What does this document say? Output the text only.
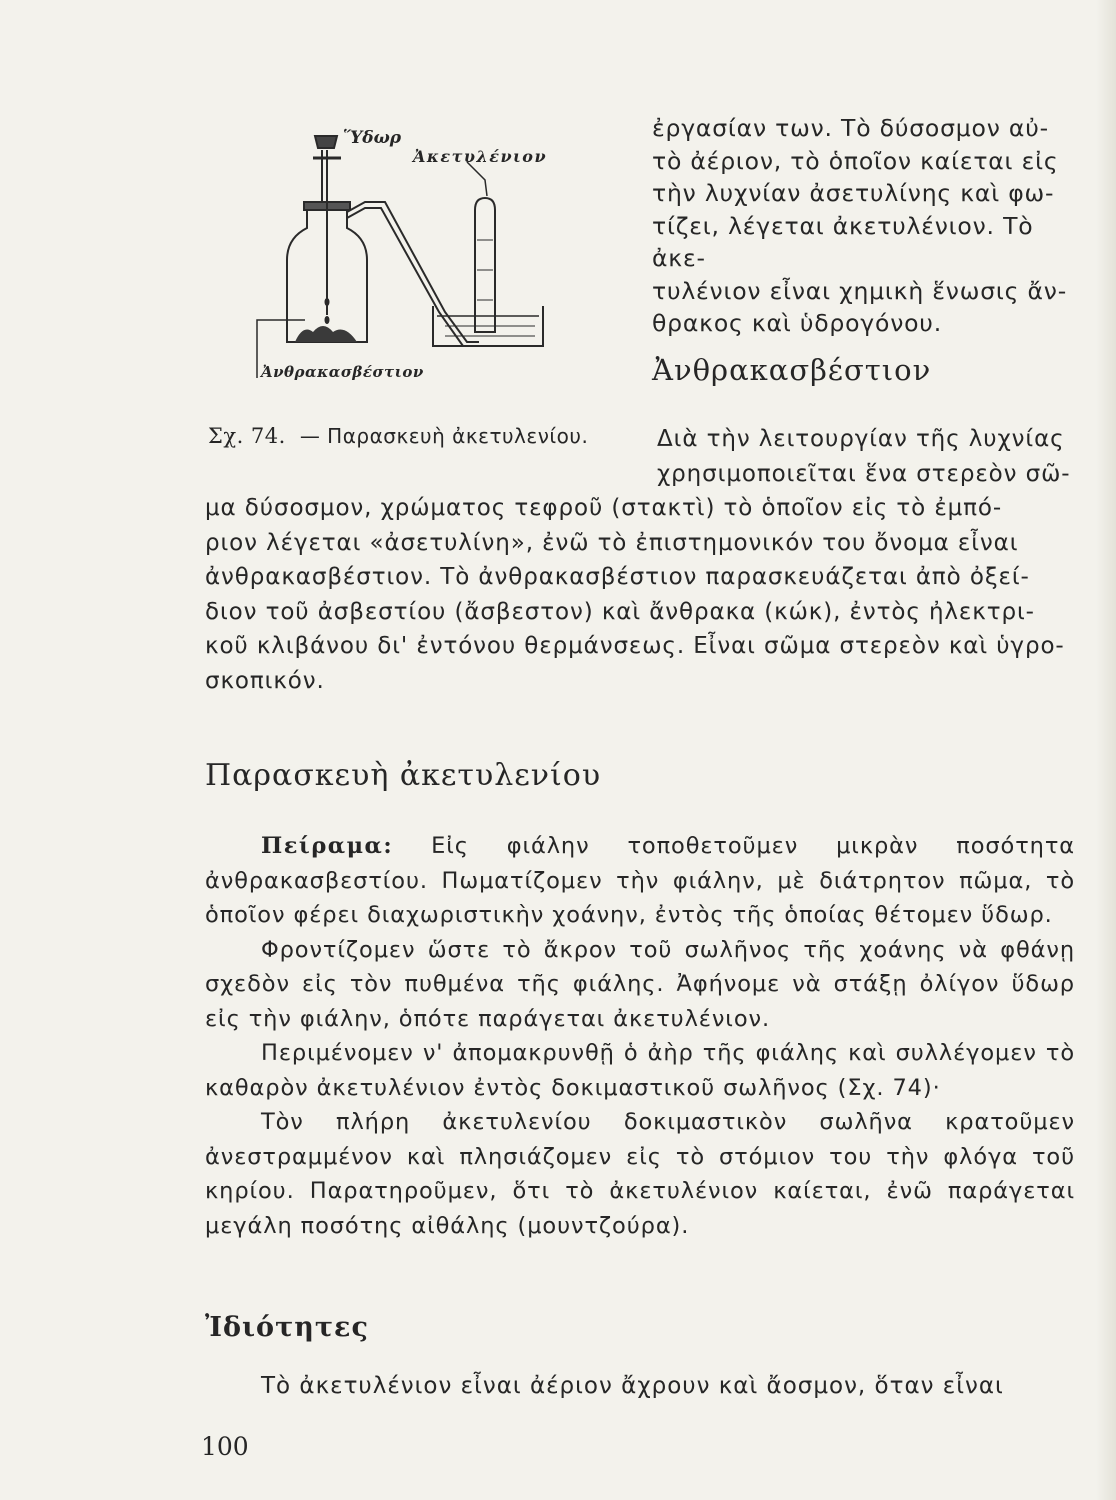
Ὕδωρ
Ἀκετυλένιον
Ἀνθρακασβέστιον
Σχ. 74. — Παρασκευὴ ἀκετυλενίου.

ἐργασίαν των. Τὸ δύσοσμον αὐ-

τὸ ἀέριον, τὸ ὁποῖον καίεται εἰς

τὴν λυχνίαν ἀσετυλίνης καὶ φω-

τίζει, λέγεται ἀκετυλένιον. Τὸ ἀκε-

τυλένιον εἶναι χημικὴ ἕνωσις ἄν-

θρακος καὶ ὑδρογόνου.

Ἀνθρακασβέστιον

Διὰ τὴν λειτουργίαν τῆς λυχνίας

χρησιμοποιεῖται ἕνα στερεὸν σῶ-

μα δύσοσμον, χρώματος τεφροῦ (στακτὶ) τὸ ὁποῖον εἰς τὸ ἐμπό-

ριον λέγεται «ἀσετυλίνη», ἐνῶ τὸ ἐπιστημονικόν του ὄνομα εἶναι

ἀνθρακασβέστιον. Τὸ ἀνθρακασβέστιον παρασκευάζεται ἀπὸ ὀξεί-

διον τοῦ ἀσβεστίου (ἄσβεστον) καὶ ἄνθρακα (κώκ), ἐντὸς ἠλεκτρι-

κοῦ κλιβάνου δι' ἐντόνου θερμάνσεως. Εἶναι σῶμα στερεὸν καὶ ὑγρο-

σκοπικόν.

Παρασκευὴ ἀκετυλενίου

Πείραμα: Εἰς φιάλην τοποθετοῦμεν μικρὰν ποσότητα ἀνθρακασβεστίου. Πωματίζομεν τὴν φιάλην, μὲ διάτρητον πῶμα, τὸ ὁποῖον φέρει διαχωριστικὴν χοάνην, ἐντὸς τῆς ὁποίας θέτομεν ὕδωρ.

Φροντίζομεν ὥστε τὸ ἄκρον τοῦ σωλῆνος τῆς χοάνης νὰ φθάνῃ σχεδὸν εἰς τὸν πυθμένα τῆς φιάλης. Ἀφήνομε νὰ στάξῃ ὀλίγον ὕδωρ εἰς τὴν φιάλην, ὁπότε παράγεται ἀκετυλένιον.

Περιμένομεν ν' ἀπομακρυνθῇ ὁ ἀὴρ τῆς φιάλης καὶ συλλέγομεν τὸ καθαρὸν ἀκετυλένιον ἐντὸς δοκιμαστικοῦ σωλῆνος (Σχ. 74)·

Τὸν πλήρη ἀκετυλενίου δοκιμαστικὸν σωλῆνα κρατοῦμεν ἀνεστραμμένον καὶ πλησιάζομεν εἰς τὸ στόμιον του τὴν φλόγα τοῦ κηρίου. Παρατηροῦμεν, ὅτι τὸ ἀκετυλένιον καίεται, ἐνῶ παράγεται μεγάλη ποσότης αἰθάλης (μουντζούρα).

Ἰδιότητες
Τὸ ἀκετυλένιον εἶναι ἀέριον ἄχρουν καὶ ἄοσμον, ὅταν εἶναι
100
